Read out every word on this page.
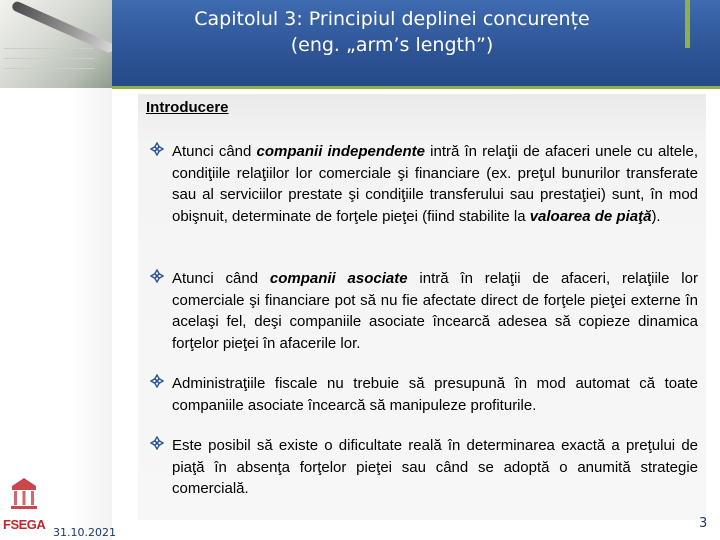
Capitolul 3: Principiul deplinei concurențe
(eng. „arm’s length”)
Introducere
Atunci când companii independente intră în relaţii de afaceri unele cu altele, condiţiile relaţiilor lor comerciale şi financiare (ex. preţul bunurilor transferate sau al serviciilor prestate şi condiţiile transferului sau prestaţiei) sunt, în mod obişnuit, determinate de forţele pieţei (fiind stabilite la valoarea de piaţă).
Atunci când companii asociate intră în relaţii de afaceri, relaţiile lor comerciale şi financiare pot să nu fie afectate direct de forţele pieţei externe în acelaşi fel, deşi companiile asociate încearcă adesea să copieze dinamica forţelor pieţei în afacerile lor.
Administraţiile fiscale nu trebuie să presupună în mod automat că toate companiile asociate încearcă să manipuleze profiturile.
Este posibil să existe o dificultate reală în determinarea exactă a preţului de piaţă în absenţa forţelor pieţei sau când se adoptă o anumită strategie comercială.
FSEGA
31.10.2021
3
